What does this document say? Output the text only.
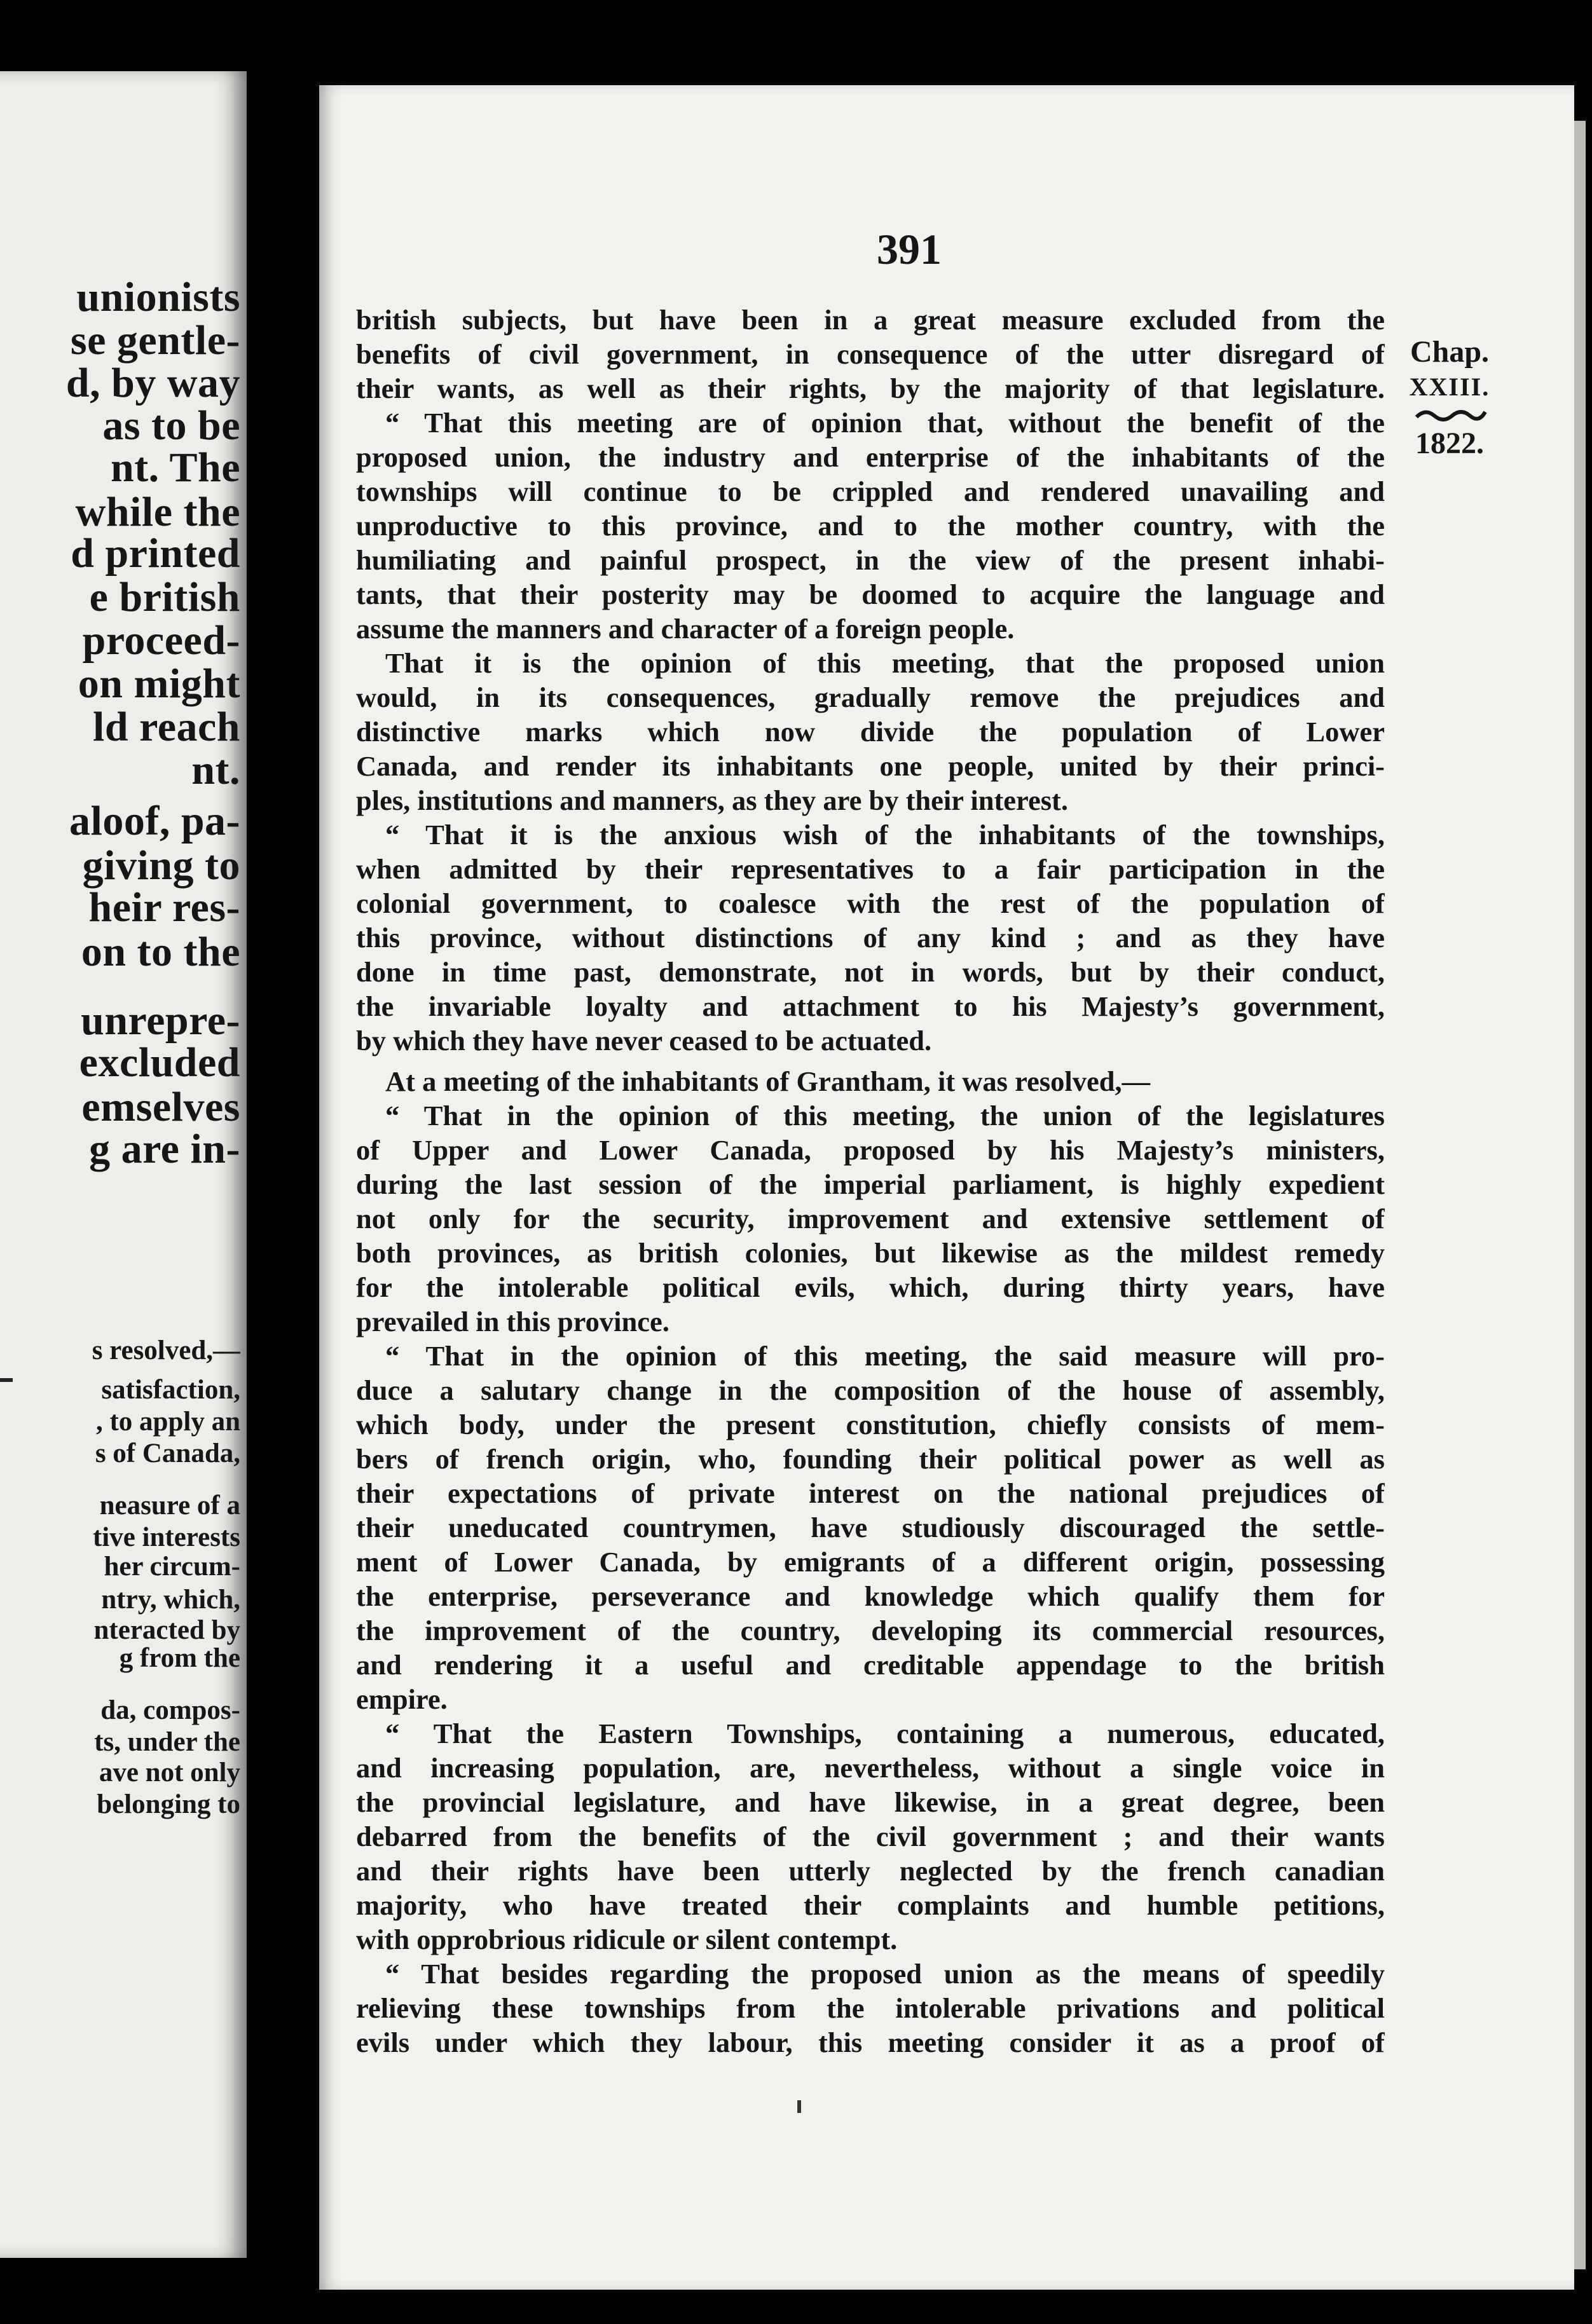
unionists
se gentle-
d, by way
as to be
nt. The
while the
d printed
e british
proceed-
on might
ld reach
nt.
aloof, pa-
giving to
heir res-
on to the
unrepre-
excluded
emselves
g are in-
s resolved,—
satisfaction,
, to apply an
s of Canada,
neasure of a
tive interests
her circum-
ntry, which,
nteracted by
g from the
da, compos-
ts, under the
ave not only
belonging to
391
british subjects, but have been in a great measure excluded from the
benefits of civil government, in consequence of the utter disregard of
their wants, as well as their rights, by the majority of that legislature.
“ That this meeting are of opinion that, without the benefit of the
proposed union, the industry and enterprise of the inhabitants of the
townships will continue to be crippled and rendered unavailing and
unproductive to this province, and to the mother country, with the
humiliating and painful prospect, in the view of the present inhabi-
tants, that their posterity may be doomed to acquire the language and
assume the manners and character of a foreign people.
That it is the opinion of this meeting, that the proposed union
would, in its consequences, gradually remove the prejudices and
distinctive marks which now divide the population of Lower
Canada, and render its inhabitants one people, united by their princi-
ples, institutions and manners, as they are by their interest.
“ That it is the anxious wish of the inhabitants of the townships,
when admitted by their representatives to a fair participation in the
colonial government, to coalesce with the rest of the population of
this province, without distinctions of any kind ; and as they have
done in time past, demonstrate, not in words, but by their conduct,
the invariable loyalty and attachment to his Majesty’s government,
by which they have never ceased to be actuated.
At a meeting of the inhabitants of Grantham, it was resolved,—
“ That in the opinion of this meeting, the union of the legislatures
of Upper and Lower Canada, proposed by his Majesty’s ministers,
during the last session of the imperial parliament, is highly expedient
not only for the security, improvement and extensive settlement of
both provinces, as british colonies, but likewise as the mildest remedy
for the intolerable political evils, which, during thirty years, have
prevailed in this province.
“ That in the opinion of this meeting, the said measure will pro-
duce a salutary change in the composition of the house of assembly,
which body, under the present constitution, chiefly consists of mem-
bers of french origin, who, founding their political power as well as
their expectations of private interest on the national prejudices of
their uneducated countrymen, have studiously discouraged the settle-
ment of Lower Canada, by emigrants of a different origin, possessing
the enterprise, perseverance and knowledge which qualify them for
the improvement of the country, developing its commercial resources,
and rendering it a useful and creditable appendage to the british
empire.
“ That the Eastern Townships, containing a numerous, educated,
and increasing population, are, nevertheless, without a single voice in
the provincial legislature, and have likewise, in a great degree, been
debarred from the benefits of the civil government ; and their wants
and their rights have been utterly neglected by the french canadian
majority, who have treated their complaints and humble petitions,
with opprobrious ridicule or silent contempt.
“ That besides regarding the proposed union as the means of speedily
relieving these townships from the intolerable privations and political
evils under which they labour, this meeting consider it as a proof of
Chap.
XXIII.
1822.
